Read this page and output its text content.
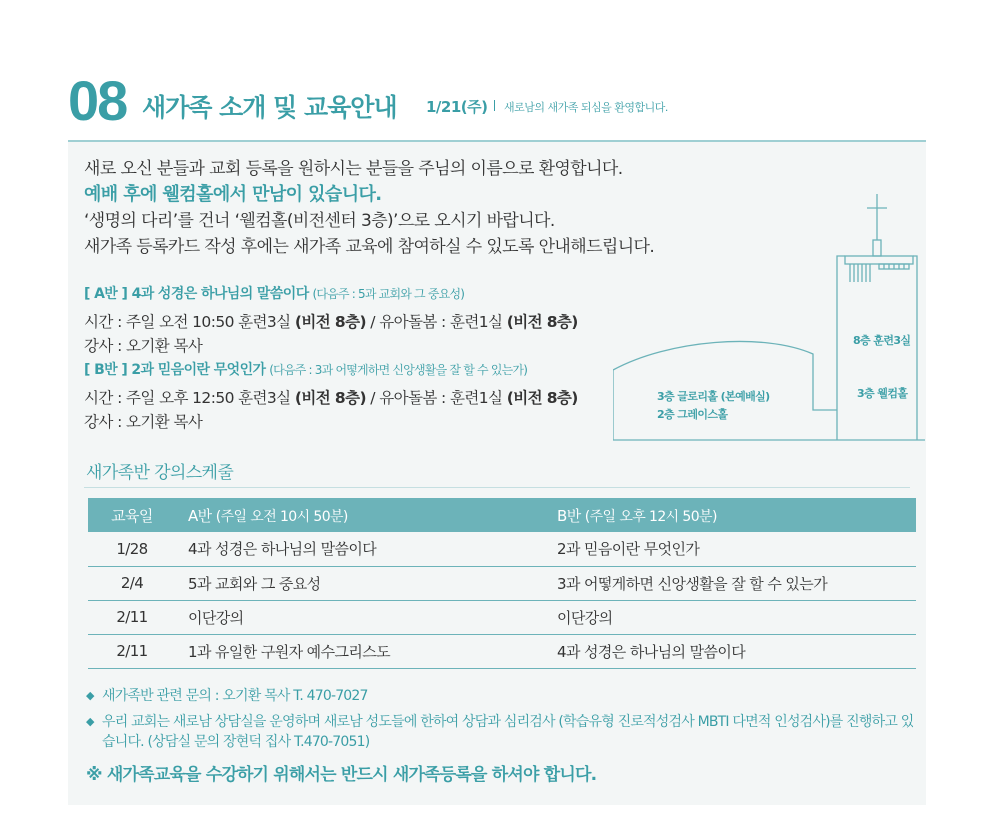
08 새가족 소개 및 교육안내 1/21(주) 새로남의 새가족 되심을 환영합니다.

새로 오신 분들과 교회 등록을 원하시는 분들을 주님의 이름으로 환영합니다.

예배 후에 웰컴홀에서 만남이 있습니다.

‘생명의 다리’를 건너 ‘웰컴홀(비전센터 3층)’으로 오시기 바랍니다.

새가족 등록카드 작성 후에는 새가족 교육에 참여하실 수 있도록 안내해드립니다.

[ A반 ] 4과 성경은 하나님의 말씀이다 (다음주 : 5과 교회와 그 중요성)
시간 : 주일 오전 10:50 훈련3실 (비전 8층) / 유아돌봄 : 훈련1실 (비전 8층)
강사 : 오기환 목사
[ B반 ] 2과 믿음이란 무엇인가 (다음주 : 3과 어떻게하면 신앙생활을 잘 할 수 있는가)
시간 : 주일 오후 12:50 훈련3실 (비전 8층) / 유아돌봄 : 훈련1실 (비전 8층)
강사 : 오기환 목사
8층 훈련3실
3층 글로리홀 (본예배실)
2층 그레이스홀
3층 웰컴홀
새가족반 강의스케줄
교육일	A반 (주일 오전 10시 50분)	B반 (주일 오후 12시 50분)
1/28	4과 성경은 하나님의 말씀이다	2과 믿음이란 무엇인가
2/4	5과 교회와 그 중요성	3과 어떻게하면 신앙생활을 잘 할 수 있는가
2/11	이단강의	이단강의
2/11	1과 유일한 구원자 예수그리스도	4과 성경은 하나님의 말씀이다
◆ 새가족반 관련 문의 : 오기환 목사 T. 470-7027
◆ 우리 교회는 새로남 상담실을 운영하며 새로남 성도들에 한하여 상담과 심리검사 (학습유형 진로적성검사 MBTI 다면적 인성검사)를 진행하고 있습니다. (상담실 문의 장현덕 집사 T.470-7051)
※ 새가족교육을 수강하기 위해서는 반드시 새가족등록을 하셔야 합니다.
